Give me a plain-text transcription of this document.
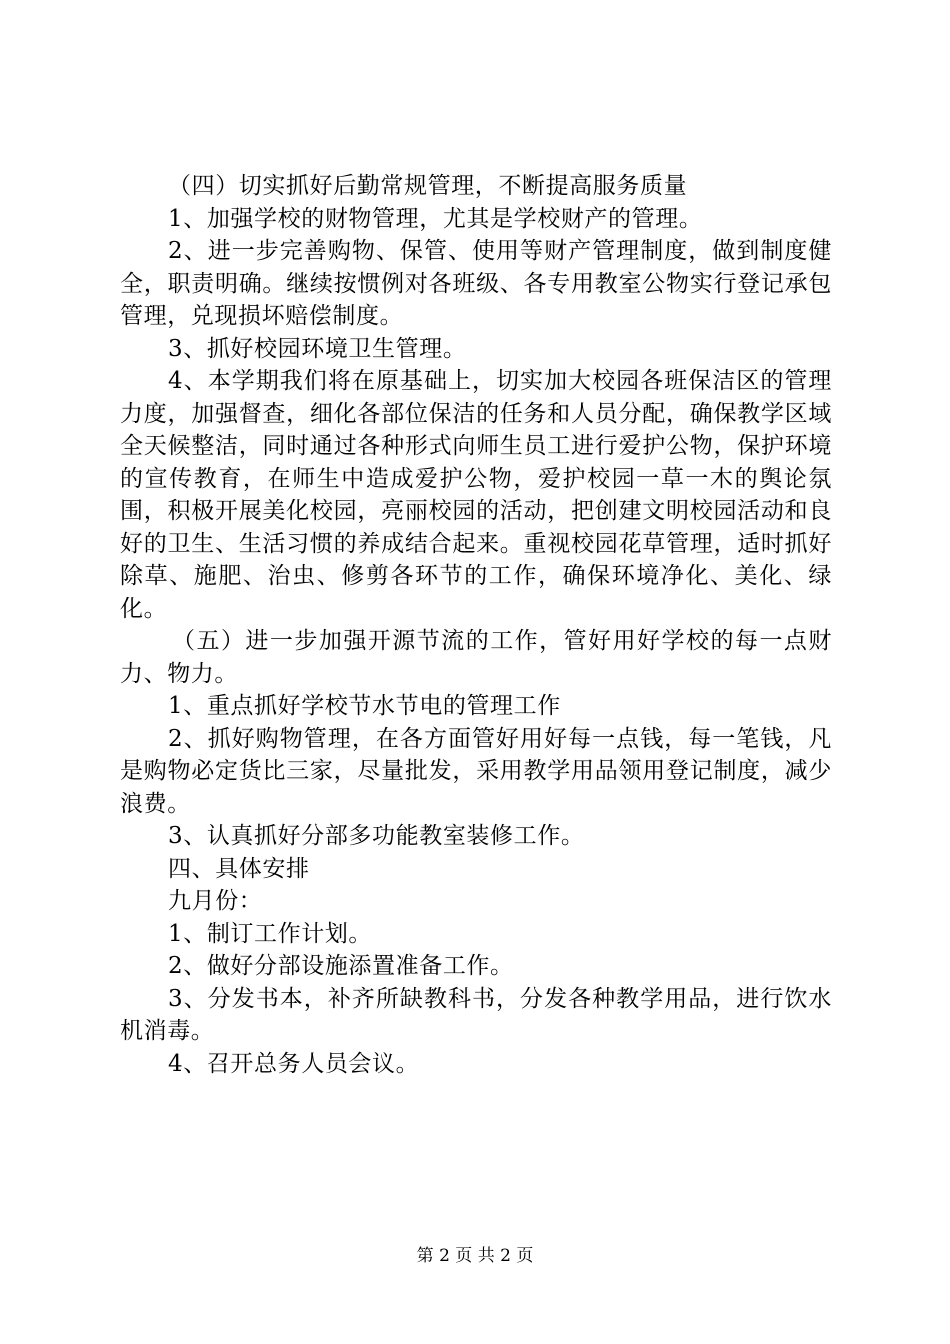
（四）切实抓好后勤常规管理，不断提高服务质量

1、加强学校的财物管理，尤其是学校财产的管理。

2、进一步完善购物、保管、使用等财产管理制度，做到制度健全，职责明确。继续按惯例对各班级、各专用教室公物实行登记承包管理，兑现损坏赔偿制度。

3、抓好校园环境卫生管理。

4、本学期我们将在原基础上，切实加大校园各班保洁区的管理力度，加强督查，细化各部位保洁的任务和人员分配，确保教学区域全天候整洁，同时通过各种形式向师生员工进行爱护公物，保护环境的宣传教育，在师生中造成爱护公物，爱护校园一草一木的舆论氛围，积极开展美化校园，亮丽校园的活动，把创建文明校园活动和良好的卫生、生活习惯的养成结合起来。重视校园花草管理，适时抓好除草、施肥、治虫、修剪各环节的工作，确保环境净化、美化、绿化。

（五）进一步加强开源节流的工作，管好用好学校的每一点财力、物力。

1、重点抓好学校节水节电的管理工作

2、抓好购物管理，在各方面管好用好每一点钱，每一笔钱，凡是购物必定货比三家，尽量批发，采用教学用品领用登记制度，减少浪费。

3、认真抓好分部多功能教室装修工作。

四、具体安排

九月份：

1、制订工作计划。

2、做好分部设施添置准备工作。

3、分发书本，补齐所缺教科书，分发各种教学用品，进行饮水机消毒。

4、召开总务人员会议。

第 2 页 共 2 页
